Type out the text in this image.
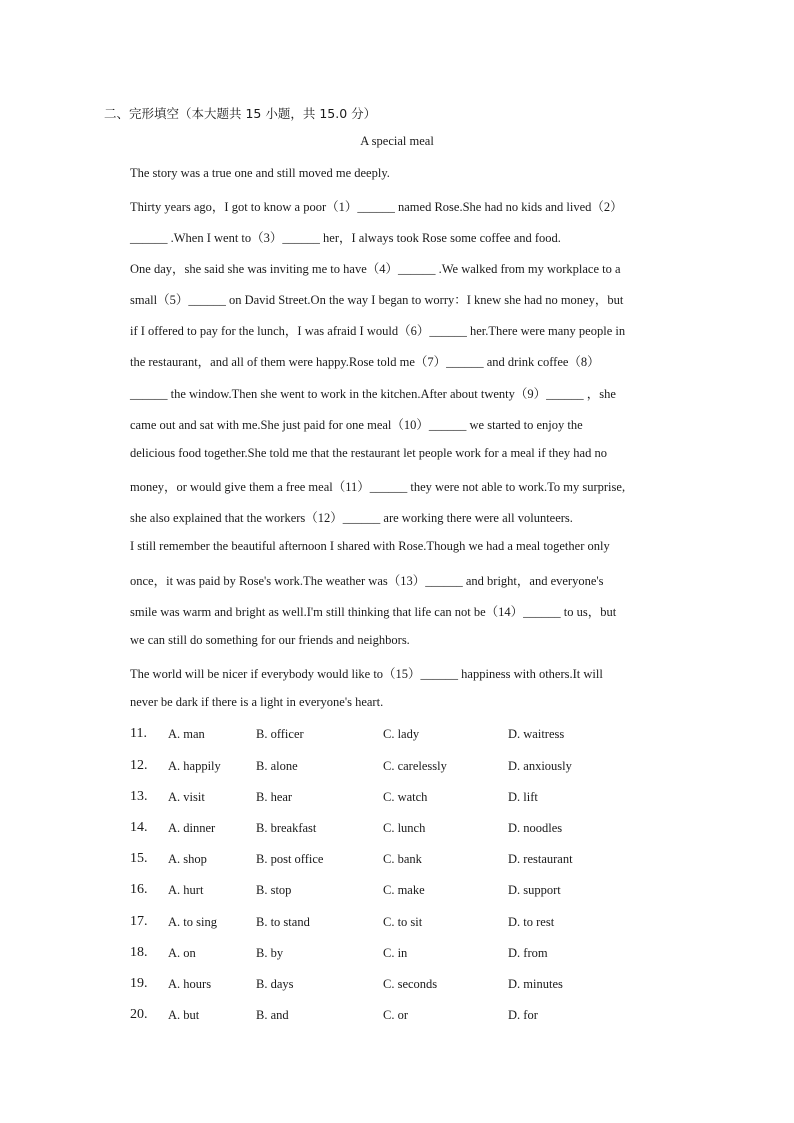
二、完形填空（本大题共 15 小题，共 15.0 分）
A special meal
The story was a true one and still moved me deeply.
Thirty years ago，I got to know a poor（1）______ named Rose.She had no kids and lived（2）
______ .When I went to（3）______ her，I always took Rose some coffee and food.
One day，she said she was inviting me to have（4）______ .We walked from my workplace to a
small（5）______ on David Street.On the way I began to worry：I knew she had no money，but
if I offered to pay for the lunch，I was afraid I would（6）______ her.There were many people in
the restaurant，and all of them were happy.Rose told me（7）______ and drink coffee（8）
______ the window.Then she went to work in the kitchen.After about twenty（9）______ ，she
came out and sat with me.She just paid for one meal（10）______ we started to enjoy the
delicious food together.She told me that the restaurant let people work for a meal if they had no
money，or would give them a free meal（11）______ they were not able to work.To my surprise,
she also explained that the workers（12）______ are working there were all volunteers.
I still remember the beautiful afternoon I shared with Rose.Though we had a meal together only
once，it was paid by Rose's work.The weather was（13）______ and bright，and everyone's
smile was warm and bright as well.I'm still thinking that life can not be（14）______ to us，but
we can still do something for our friends and neighbors.
The world will be nicer if everybody would like to（15）______ happiness with others.It will
never be dark if there is a light in everyone's heart.
11. A. man	B. officer	C. lady	D. waitress
12. A. happily	B. alone	C. carelessly	D. anxiously
13. A. visit	B. hear	C. watch	D. lift
14. A. dinner	B. breakfast	C. lunch	D. noodles
15. A. shop	B. post office	C. bank	D. restaurant
16. A. hurt	B. stop	C. make	D. support
17. A. to sing	B. to stand	C. to sit	D. to rest
18. A. on	B. by	C. in	D. from
19. A. hours	B. days	C. seconds	D. minutes
20. A. but	B. and	C. or	D. for
